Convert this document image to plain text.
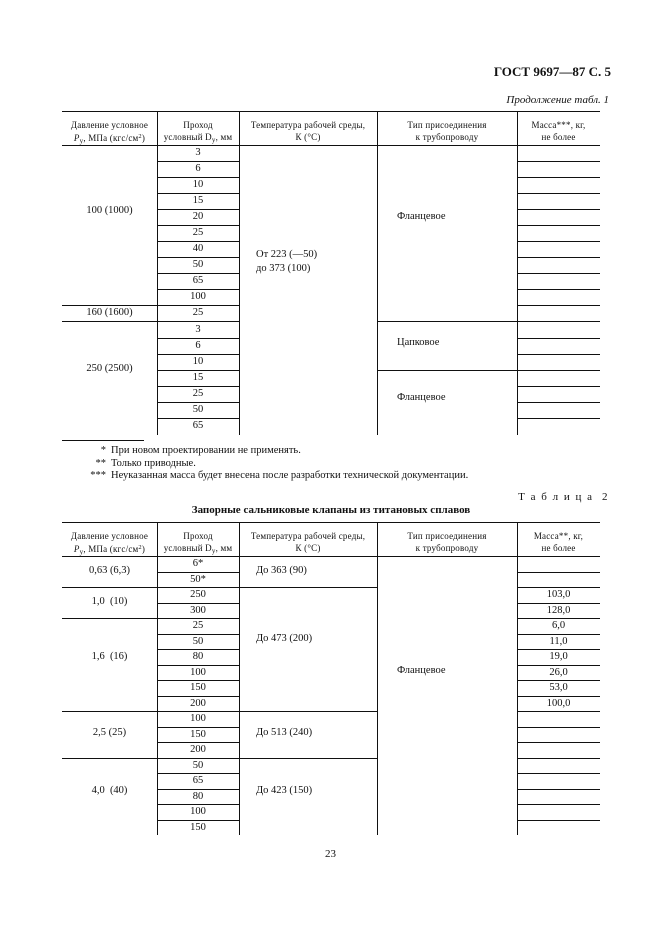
ГОСТ 9697—87 С. 5
Продолжение табл. 1
Давление условное
$P_y$, МПа $(кгс/см^2)$
Проход
условный $D_y$, мм
Температура рабочей среды,
К (°С)
Тип присоединения
к трубопроводу
Масса***, кг,
не более
100 (1000)
160 (1600)
250 (2500)
3
6
10
15
20
25
40
50
65
100
25
3
6
10
15
25
50
65
От 223 (—50)
до 373 (100)
Фланцевое
Цапковое
Фланцевое
* При новом проектировании не применять.
** Только приводные.
*** Неуказанная масса будет внесена после разработки технической документации.
Т а б л и ц а  2
Запорные сальниковые клапаны из титановых сплавов
Давление условное
$P_y$, МПа $(кгс/см^2)$
Проход
условный $D_y$, мм
Температура рабочей среды,
К (°С)
Тип присоединения
к трубопроводу
Масса**, кг,
не более
0,63 (6,3)
1,0  (10)
1,6  (16)
2,5 (25)
4,0  (40)
6*
50*
250
300
25
50
80
100
150
200
100
150
200
50
65
80
100
150
До 363 (90)
До 473 (200)
До 513 (240)
До 423 (150)
Фланцевое
103,0
128,0
6,0
11,0
19,0
26,0
53,0
100,0
23
